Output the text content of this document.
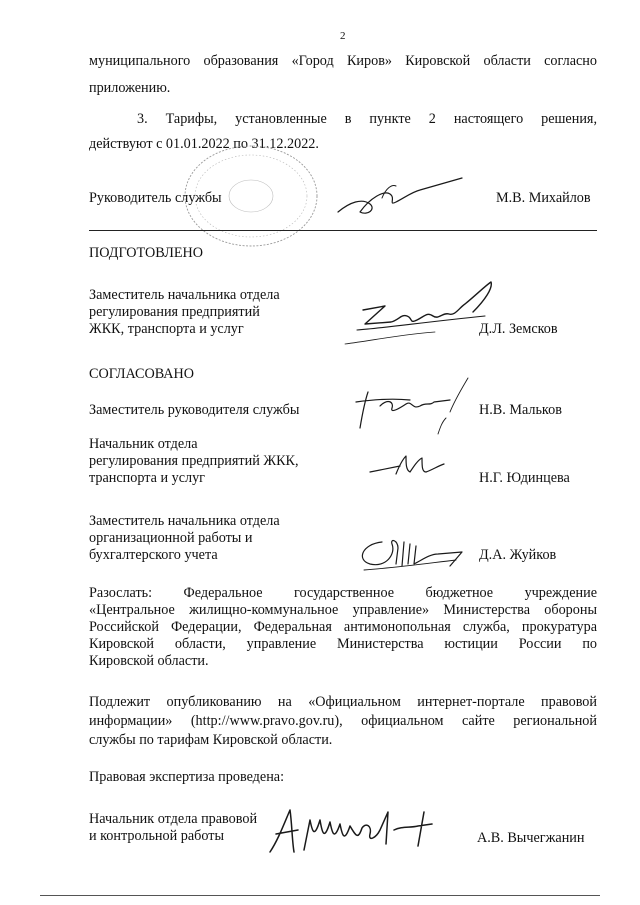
2
муниципального образования «Город Киров» Кировской области согласно
приложению.
3. Тарифы, установленные в пункте 2 настоящего решения,
действуют с 01.01.2022 по 31.12.2022.
Руководитель службы	М.В. Михайлов
ПОДГОТОВЛЕНО
Заместитель начальника отдела
регулирования предприятий
ЖКК, транспорта и услуг	Д.Л. Земсков
СОГЛАСОВАНО
Заместитель руководителя службы	Н.В. Мальков
Начальник отдела
регулирования предприятий ЖКК,
транспорта и услуг	Н.Г. Юдинцева
Заместитель начальника отдела
организационной работы и
бухгалтерского учета	Д.А. Жуйков
Разослать: Федеральное государственное бюджетное учреждение
«Центральное жилищно-коммунальное управление» Министерства обороны
Российской Федерации, Федеральная антимонопольная служба, прокуратура
Кировской области, управление Министерства юстиции России по
Кировской области.
Подлежит опубликованию на «Официальном интернет-портале правовой
информации» (http://www.pravo.gov.ru), официальном сайте региональной
службы по тарифам Кировской области.
Правовая экспертиза проведена:
Начальник отдела правовой
и контрольной работы	А.В. Вычегжанин
